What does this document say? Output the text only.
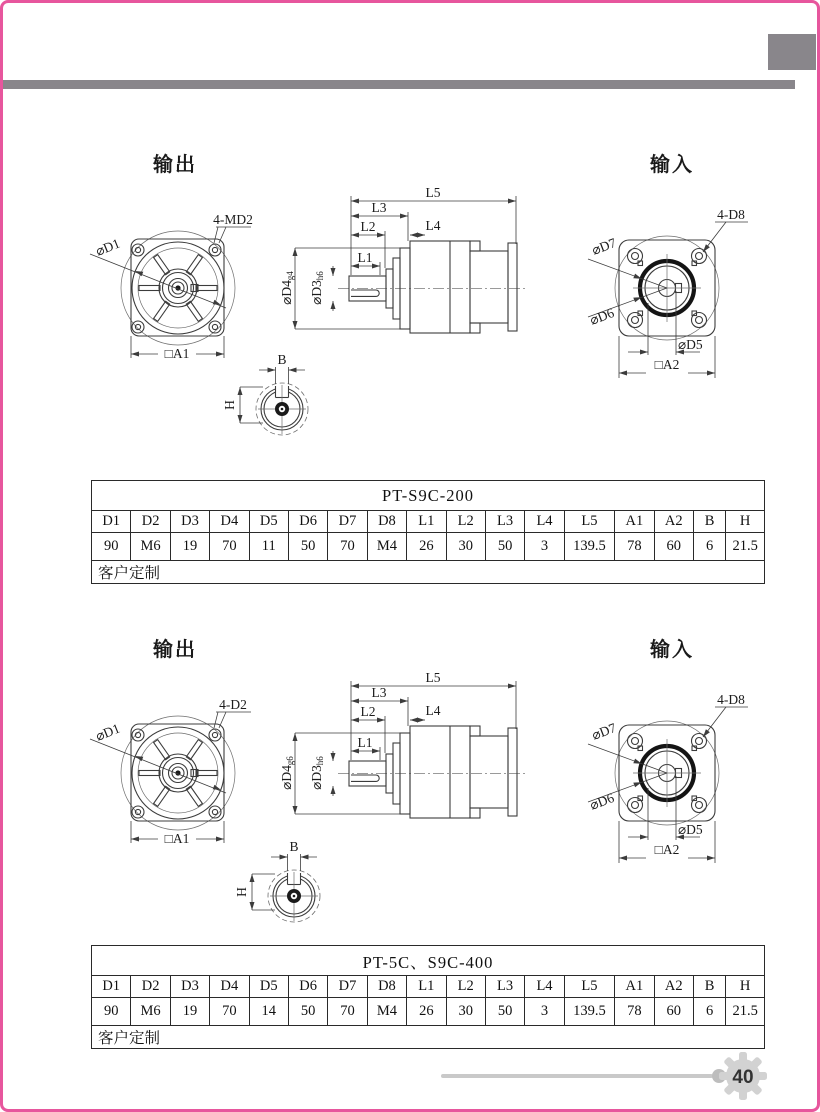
输出	输入
4-MD2
⌀D1
□A1
L5
L3
L2	L4
L1
⌀D4g4
⌀D3h6
4-D8
⌀D7
⌀D6
⌀D5
□A2
B
H
PT-S9C-200																
D1	D2	D3	D4	D5	D6	D7	D8	L1	L2	L3	L4	L5	A1	A2	B	H
90	M6	19	70	11	50	70	M4	26	30	50	3	139.5	78	60	6	21.5
客户定制																
输出	输入
4-D2
⌀D1
□A1
L5
L3
L2	L4
L1
⌀D4g6
⌀D3h6
4-D8
⌀D7
⌀D6
⌀D5
□A2
B
H
PT-5C、S9C-400																
D1	D2	D3	D4	D5	D6	D7	D8	L1	L2	L3	L4	L5	A1	A2	B	H
90	M6	19	70	14	50	70	M4	26	30	50	3	139.5	78	60	6	21.5
客户定制																
40
